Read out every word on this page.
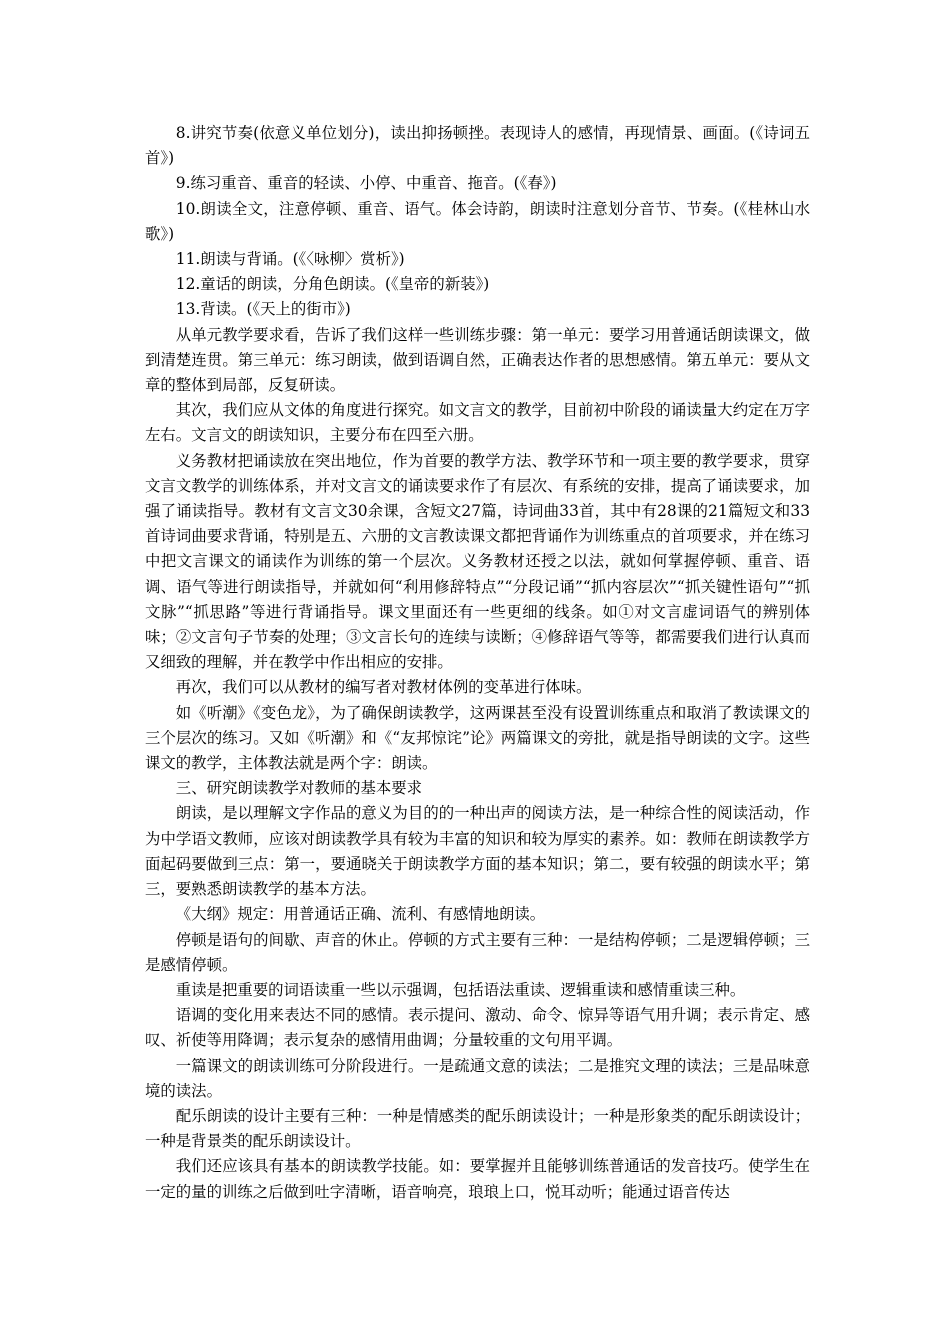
8.讲究节奏(依意义单位划分)，读出抑扬顿挫。表现诗人的感情，再现情景、画面。(《诗词五首》)

9.练习重音、重音的轻读、小停、中重音、拖音。(《春》)

10.朗读全文，注意停顿、重音、语气。体会诗韵，朗读时注意划分音节、节奏。(《桂林山水歌》)

11.朗读与背诵。(《〈咏柳〉赏析》)

12.童话的朗读，分角色朗读。(《皇帝的新装》)

13.背读。(《天上的街市》)

从单元教学要求看，告诉了我们这样一些训练步骤：第一单元：要学习用普通话朗读课文，做到清楚连贯。第三单元：练习朗读，做到语调自然，正确表达作者的思想感情。第五单元：要从文章的整体到局部，反复研读。

其次，我们应从文体的角度进行探究。如文言文的教学，目前初中阶段的诵读量大约定在万字左右。文言文的朗读知识，主要分布在四至六册。

义务教材把诵读放在突出地位，作为首要的教学方法、教学环节和一项主要的教学要求，贯穿文言文教学的训练体系，并对文言文的诵读要求作了有层次、有系统的安排，提高了诵读要求，加强了诵读指导。教材有文言文30余课，含短文27篇，诗词曲33首，其中有28课的21篇短文和33首诗词曲要求背诵，特别是五、六册的文言教读课文都把背诵作为训练重点的首项要求，并在练习中把文言课文的诵读作为训练的第一个层次。义务教材还授之以法，就如何掌握停顿、重音、语调、语气等进行朗读指导，并就如何“利用修辞特点”“分段记诵”“抓内容层次”“抓关键性语句”“抓文脉”“抓思路”等进行背诵指导。课文里面还有一些更细的线条。如①对文言虚词语气的辨别体味；②文言句子节奏的处理；③文言长句的连续与读断；④修辞语气等等，都需要我们进行认真而又细致的理解，并在教学中作出相应的安排。

再次，我们可以从教材的编写者对教材体例的变革进行体味。

如《听潮》《变色龙》，为了确保朗读教学，这两课甚至没有设置训练重点和取消了教读课文的三个层次的练习。又如《听潮》和《“友邦惊诧”论》两篇课文的旁批，就是指导朗读的文字。这些课文的教学，主体教法就是两个字：朗读。

三、研究朗读教学对教师的基本要求

朗读，是以理解文字作品的意义为目的的一种出声的阅读方法，是一种综合性的阅读活动，作为中学语文教师，应该对朗读教学具有较为丰富的知识和较为厚实的素养。如：教师在朗读教学方面起码要做到三点：第一，要通晓关于朗读教学方面的基本知识；第二，要有较强的朗读水平；第三，要熟悉朗读教学的基本方法。

《大纲》规定：用普通话正确、流利、有感情地朗读。

停顿是语句的间歇、声音的休止。停顿的方式主要有三种：一是结构停顿；二是逻辑停顿；三是感情停顿。

重读是把重要的词语读重一些以示强调，包括语法重读、逻辑重读和感情重读三种。

语调的变化用来表达不同的感情。表示提问、激动、命令、惊异等语气用升调；表示肯定、感叹、祈使等用降调；表示复杂的感情用曲调；分量较重的文句用平调。

一篇课文的朗读训练可分阶段进行。一是疏通文意的读法；二是推究文理的读法；三是品味意境的读法。

配乐朗读的设计主要有三种：一种是情感类的配乐朗读设计；一种是形象类的配乐朗读设计；一种是背景类的配乐朗读设计。

我们还应该具有基本的朗读教学技能。如：要掌握并且能够训练普通话的发音技巧。使学生在一定的量的训练之后做到吐字清晰，语音响亮，琅琅上口，悦耳动听；能通过语音传达
